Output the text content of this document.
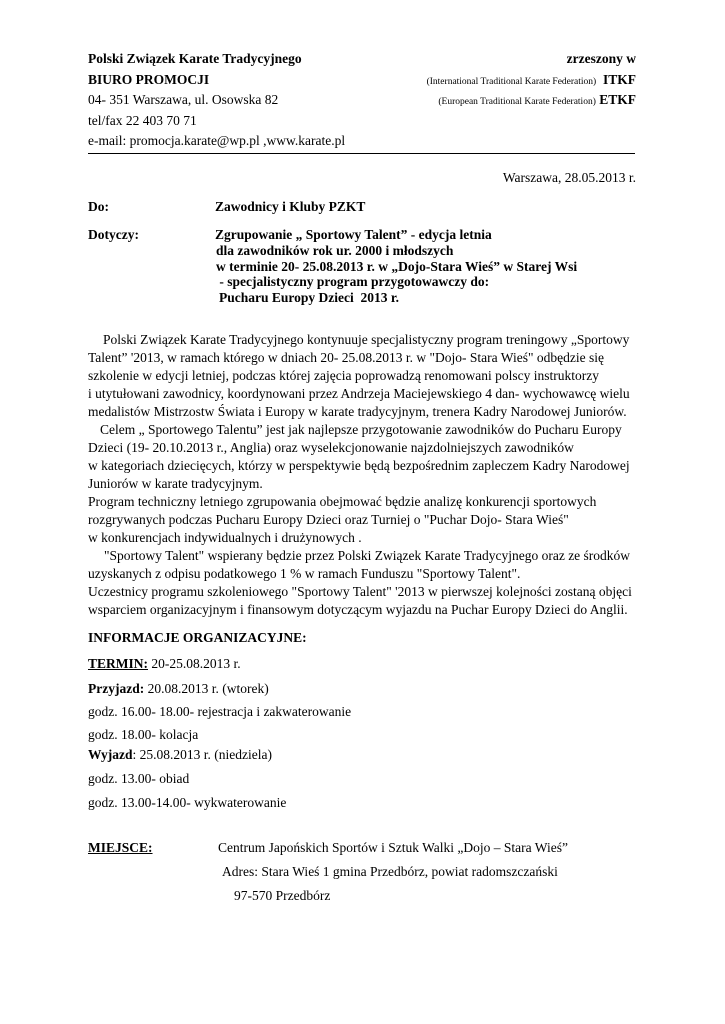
Polski Związek Karate Tradycyjnego
BIURO PROMOCJI
04- 351 Warszawa, ul. Osowska 82
tel/fax 22 403 70 71
e-mail: promocja.karate@wp.pl ,www.karate.pl
zrzeszony w
(International Traditional Karate Federation) ITKF
(European Traditional Karate Federation) ETKF
Warszawa, 28.05.2013 r.
Do:	Zawodnicy i Kluby PZKT
Dotyczy:	Zgrupowanie „ Sportowy Talent” - edycja letnia
dla zawodników rok ur. 2000 i młodszych
w terminie 20- 25.08.2013 r. w „Dojo-Stara Wieś” w Starej Wsi
- specjalistyczny program przygotowawczy do:
Pucharu Europy Dzieci  2013 r.
Polski Związek Karate Tradycyjnego kontynuuje specjalistyczny program treningowy „Sportowy
Talent” '2013, w ramach którego w dniach 20- 25.08.2013 r. w "Dojo- Stara Wieś" odbędzie się
szkolenie w edycji letniej, podczas której zajęcia poprowadzą renomowani polscy instruktorzy
i utytułowani zawodnicy, koordynowani przez Andrzeja Maciejewskiego 4 dan- wychowawcę wielu
medalistów Mistrzostw Świata i Europy w karate tradycyjnym, trenera Kadry Narodowej Juniorów.
Celem „ Sportowego Talentu” jest jak najlepsze przygotowanie zawodników do Pucharu Europy
Dzieci (19- 20.10.2013 r., Anglia) oraz wyselekcjonowanie najzdolniejszych zawodników
w kategoriach dziecięcych, którzy w perspektywie będą bezpośrednim zapleczem Kadry Narodowej
Juniorów w karate tradycyjnym.
Program techniczny letniego zgrupowania obejmować będzie analizę konkurencji sportowych
rozgrywanych podczas Pucharu Europy Dzieci oraz Turniej o "Puchar Dojo- Stara Wieś"
w konkurencjach indywidualnych i drużynowych .
"Sportowy Talent" wspierany będzie przez Polski Związek Karate Tradycyjnego oraz ze środków
uzyskanych z odpisu podatkowego 1 % w ramach Funduszu "Sportowy Talent".
Uczestnicy programu szkoleniowego "Sportowy Talent" '2013 w pierwszej kolejności zostaną objęci
wsparciem organizacyjnym i finansowym dotyczącym wyjazdu na Puchar Europy Dzieci do Anglii.
INFORMACJE ORGANIZACYJNE:
TERMIN: 20-25.08.2013 r.
Przyjazd: 20.08.2013 r. (wtorek)
godz. 16.00- 18.00- rejestracja i zakwaterowanie
godz. 18.00- kolacja
Wyjazd: 25.08.2013 r. (niedziela)
godz. 13.00- obiad
godz. 13.00-14.00- wykwaterowanie
MIEJSCE:	Centrum Japońskich Sportów i Sztuk Walki „Dojo – Stara Wieś”
Adres: Stara Wieś 1 gmina Przedbórz, powiat radomszczański
97-570 Przedbórz
